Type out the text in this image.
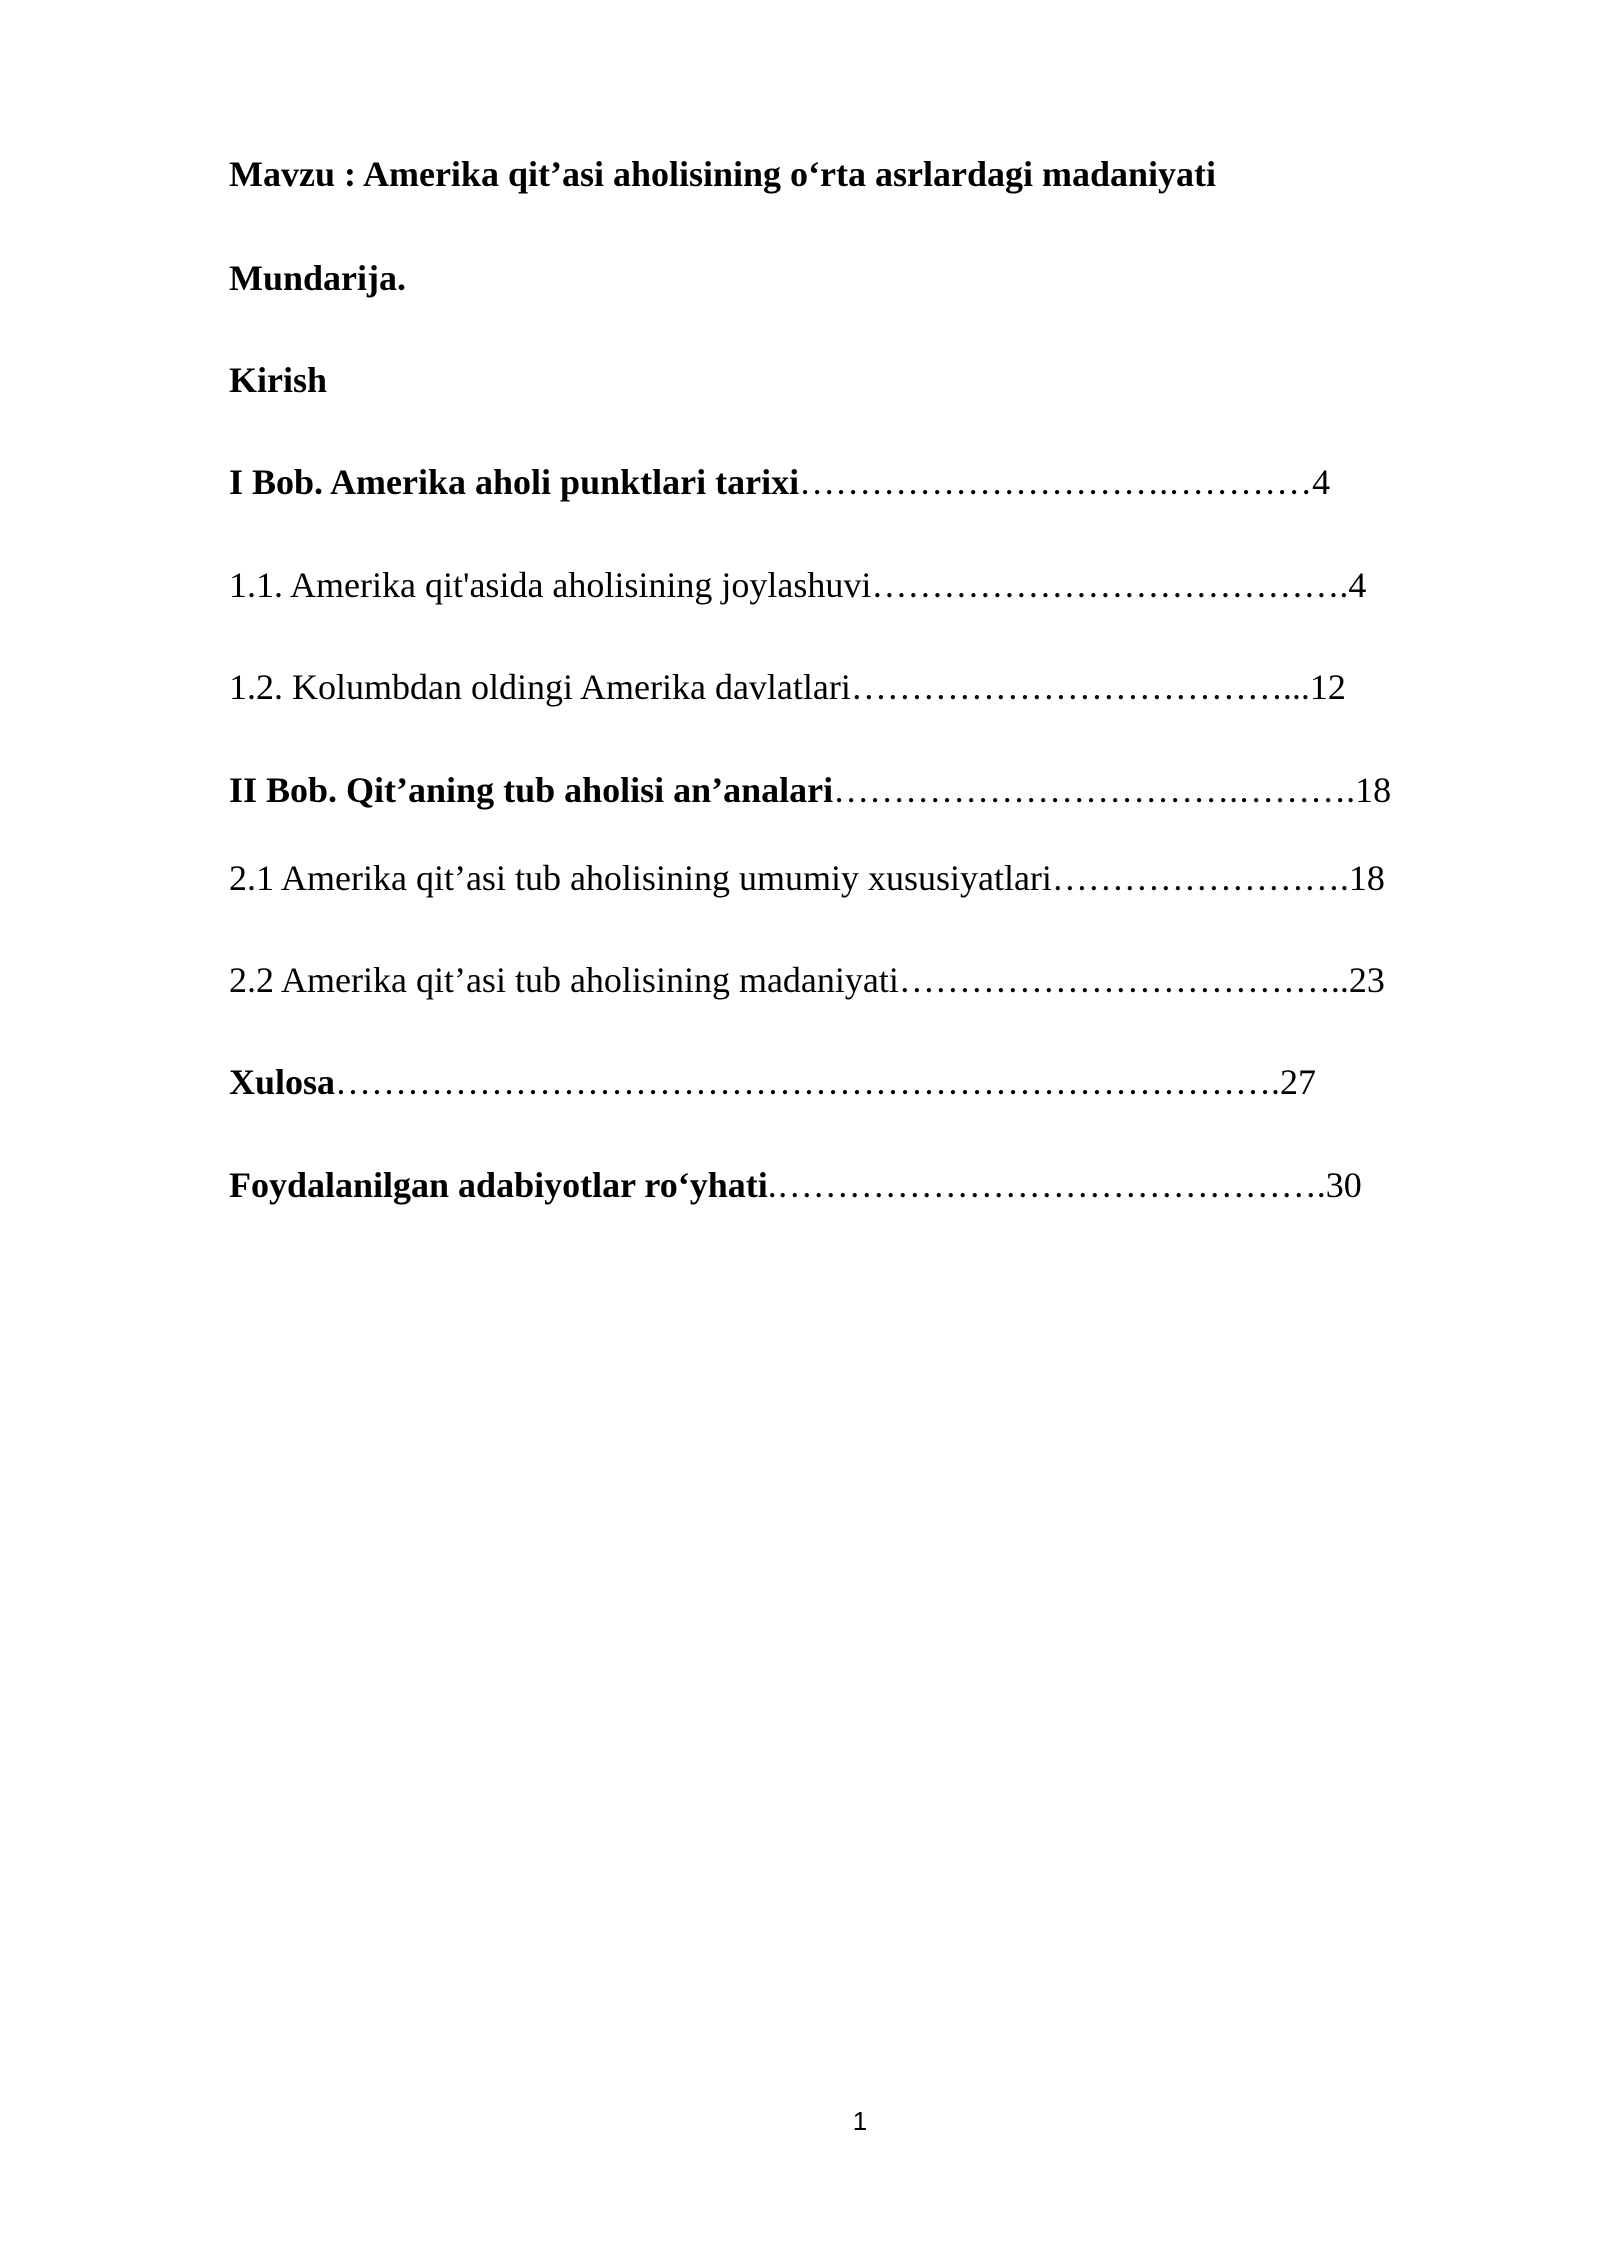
Mavzu : Amerika qit’asi aholisining o‘rta asrlardagi madaniyati
Mundarija.
Kirish
I Bob. Amerika aholi punktlari tarixi………………………….…………4
1.1. Amerika qit'asida aholisining joylashuvi………………………………….4
1.2. Kolumbdan oldingi Amerika davlatlari………………………………...12
II Bob. Qit’aning tub aholisi an’analari…………………………….……….18
2.1 Amerika qit’asi tub aholisining umumiy xususiyatlari…………………….18
2.2 Amerika qit’asi tub aholisining madaniyati………………………………..23
Xulosa…………………………………………………………………….27
Foydalanilgan adabiyotlar ro‘yhati.……………………………………….30
1
